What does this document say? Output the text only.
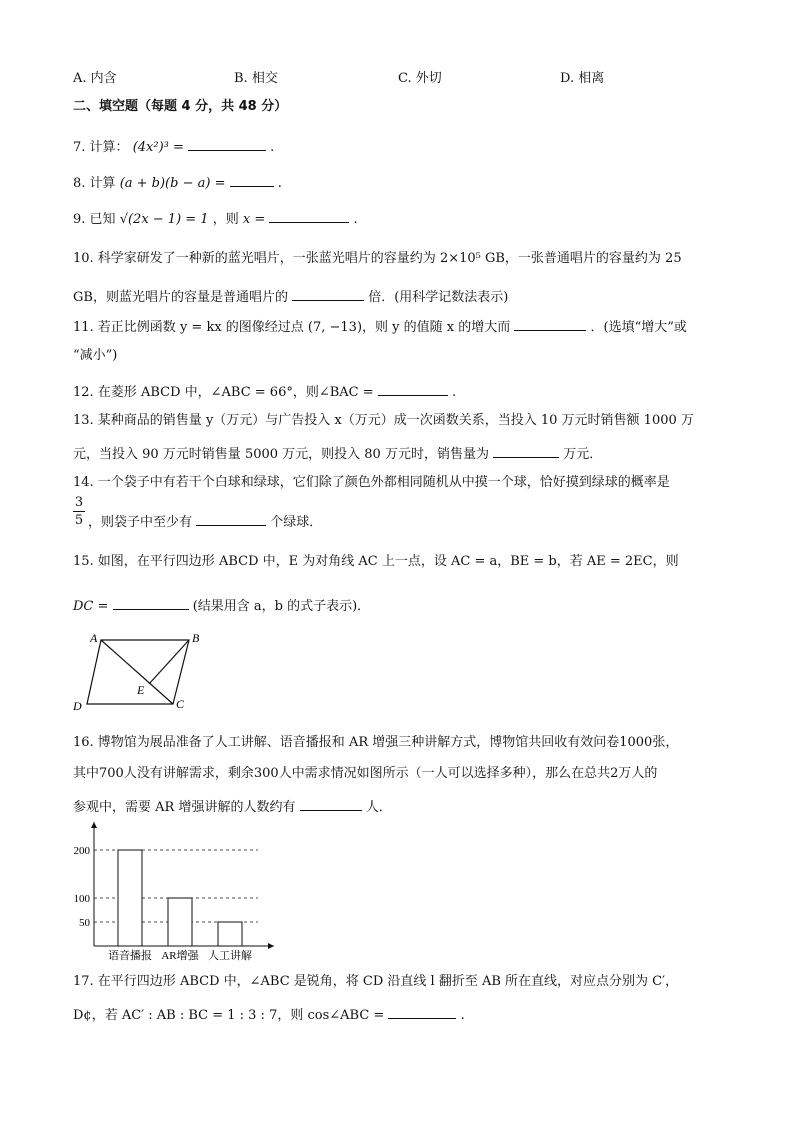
A. 内含	B. 相交	C. 外切	D. 相离
二、填空题（每题 4 分，共 48 分）
7. 计算： (4x²)³ =	.
8. 计算 (a + b)(b − a) =	.
9. 已知 √(2x − 1) = 1 ，则 x =	.
10. 科学家研发了一种新的蓝光唱片，一张蓝光唱片的容量约为 2×10⁵ GB，一张普通唱片的容量约为 25
GB，则蓝光唱片的容量是普通唱片的	倍．(用科学记数法表示)
11. 若正比例函数 y = kx 的图像经过点 (7, −13)，则 y 的值随 x 的增大而	．(选填“增大”或
“减小”)
12. 在菱形 ABCD 中，∠ABC = 66°，则∠BAC =	.
13. 某种商品的销售量 y（万元）与广告投入 x（万元）成一次函数关系，当投入 10 万元时销售额 1000 万
元，当投入 90 万元时销售量 5000 万元，则投入 80 万元时，销售量为	万元．
14. 一个袋子中有若干个白球和绿球，它们除了颜色外都相同随机从中摸一个球，恰好摸到绿球的概率是
$\frac{3}{5}$ ，则袋子中至少有	个绿球．
15. 如图，在平行四边形 ABCD 中，E 为对角线 AC 上一点，设 AC = a，BE = b，若 AE = 2EC，则
DC =	(结果用含 a，b 的式子表示)．
A	B
C
D
E
16. 博物馆为展品准备了人工讲解、语音播报和 AR 增强三种讲解方式，博物馆共回收有效问卷1000张，
其中700人没有讲解需求，剩余300人中需求情况如图所示（一人可以选择多种），那么在总共2万人的
参观中，需要 AR 增强讲解的人数约有	人．
50
100
200
语音播报 AR增强 人工讲解
17. 在平行四边形 ABCD 中，∠ABC 是锐角，将 CD 沿直线 l 翻折至 AB 所在直线，对应点分别为 C′，
D¢，若 AC′ : AB : BC = 1 : 3 : 7，则 cos∠ABC =	.
